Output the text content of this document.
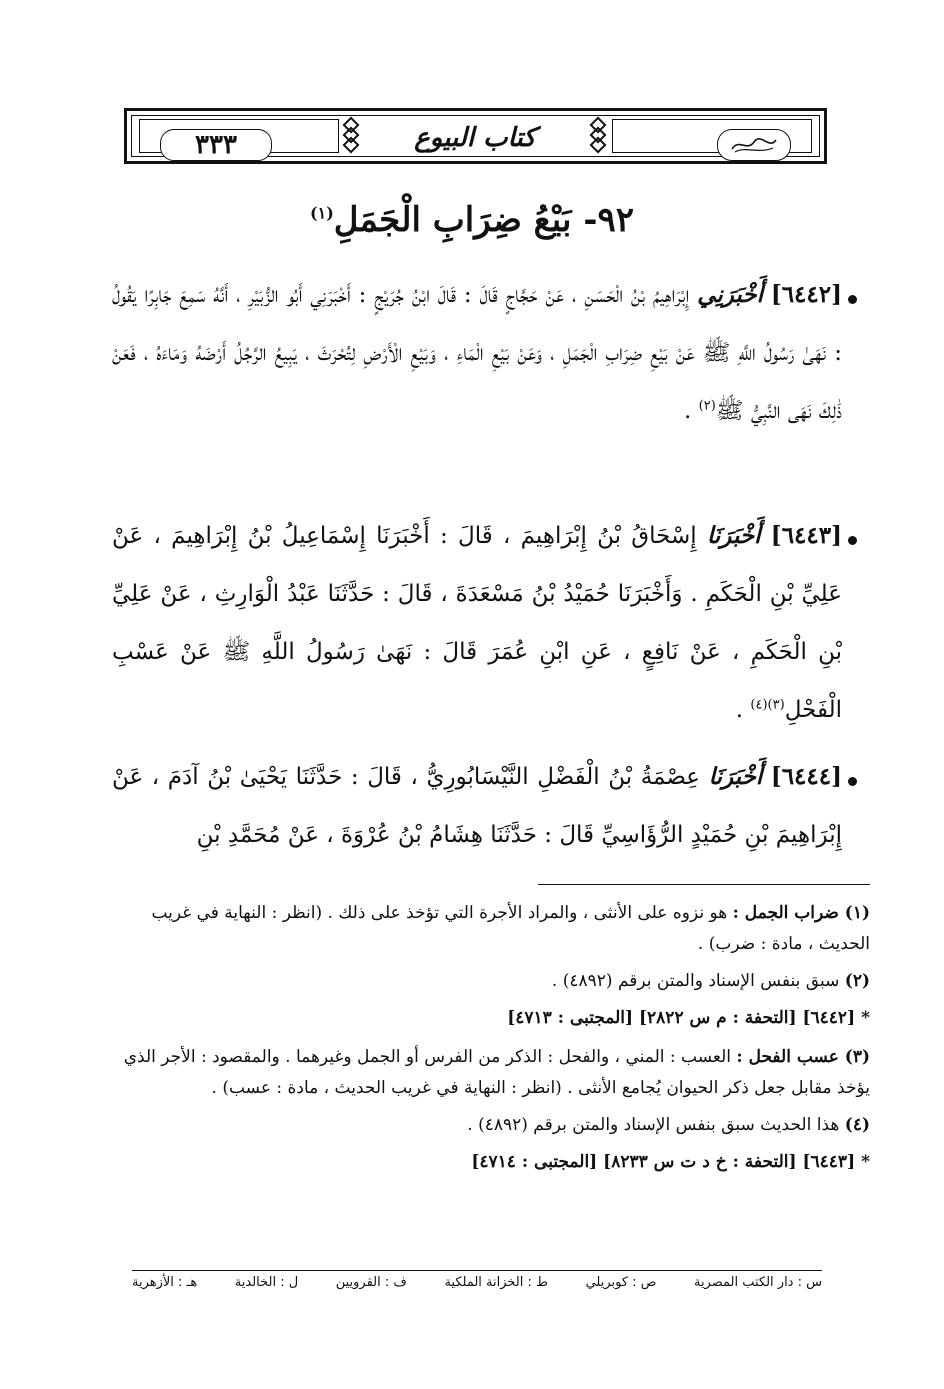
٣٣٣	كتاب البيوع
٩٢- بَيْعُ ضِرَابِ الْجَمَلِ$^{(١)}$
[٦٤٤٢] أَخْبَرَنِي إِبْرَاهِيمُ بْنُ الْحَسَنِ ، عَنْ حَجَّاجٍ قَالَ : قَالَ ابْنُ جُرَيْجٍ : أَخْبَرَنِي أَبُو الزُّبَيْرِ ، أَنَّهُ سَمِعَ جَابِرًا يَقُولُ : نَهَىٰ رَسُولُ اللَّهِ ﷺ عَنْ بَيْعِ ضِرَابِ الْجَمَلِ ، وَعَنْ بَيْعِ الْمَاءِ ، وَبَيْعِ الْأَرْضِ لِتُحْرَثَ ، يَبِيعُ الرَّجُلُ أَرْضَهُ وَمَاءَهُ ، فَعَنْ ذَٰلِكَ نَهَى النَّبِيُّ ﷺ$^{(٢)}$ .
[٦٤٤٣] أَخْبَرَنَا إِسْحَاقُ بْنُ إِبْرَاهِيمَ ، قَالَ : أَخْبَرَنَا إِسْمَاعِيلُ بْنُ إِبْرَاهِيمَ ، عَنْ عَلِيِّ بْنِ الْحَكَمِ . وَأَخْبَرَنَا حُمَيْدُ بْنُ مَسْعَدَةَ ، قَالَ : حَدَّثَنَا عَبْدُ الْوَارِثِ ، عَنْ عَلِيِّ بْنِ الْحَكَمِ ، عَنْ نَافِعٍ ، عَنِ ابْنِ عُمَرَ قَالَ : نَهَىٰ رَسُولُ اللَّهِ ﷺ عَنْ عَسْبِ الْفَحْلِ$^{(٣)(٤)}$ .
[٦٤٤٤] أَخْبَرَنَا عِصْمَةُ بْنُ الْفَضْلِ النَّيْسَابُورِيُّ ، قَالَ : حَدَّثَنَا يَحْيَىٰ بْنُ آدَمَ ، عَنْ إِبْرَاهِيمَ بْنِ حُمَيْدٍ الرُّؤَاسِيِّ قَالَ : حَدَّثَنَا هِشَامُ بْنُ عُرْوَةَ ، عَنْ مُحَمَّدِ بْنِ
(١) ضراب الجمل : هو نزوه على الأنثى ، والمراد الأجرة التي تؤخذ على ذلك . (انظر : النهاية في غريب الحديث ، مادة : ضرب) .
(٢) سبق بنفس الإسناد والمتن برقم (٤٨٩٢) .
*[٦٤٤٢] [التحفة : م س ٢٨٢٢] [المجتبى : ٤٧١٣]
(٣) عسب الفحل : العسب : المني ، والفحل : الذكر من الفرس أو الجمل وغيرهما . والمقصود : الأجر الذي يؤخذ مقابل جعل ذكر الحيوان يُجامع الأنثى . (انظر : النهاية في غريب الحديث ، مادة : عسب) .
(٤) هذا الحديث سبق بنفس الإسناد والمتن برقم (٤٨٩٢) .
*[٦٤٤٣] [التحفة : خ د ت س ٨٢٣٣] [المجتبى : ٤٧١٤]
س : دار الكتب المصرية
ص : كوبريلي
ط : الخزانة الملكية
ف : القرويين
ل : الخالدية
هـ : الأزهرية
